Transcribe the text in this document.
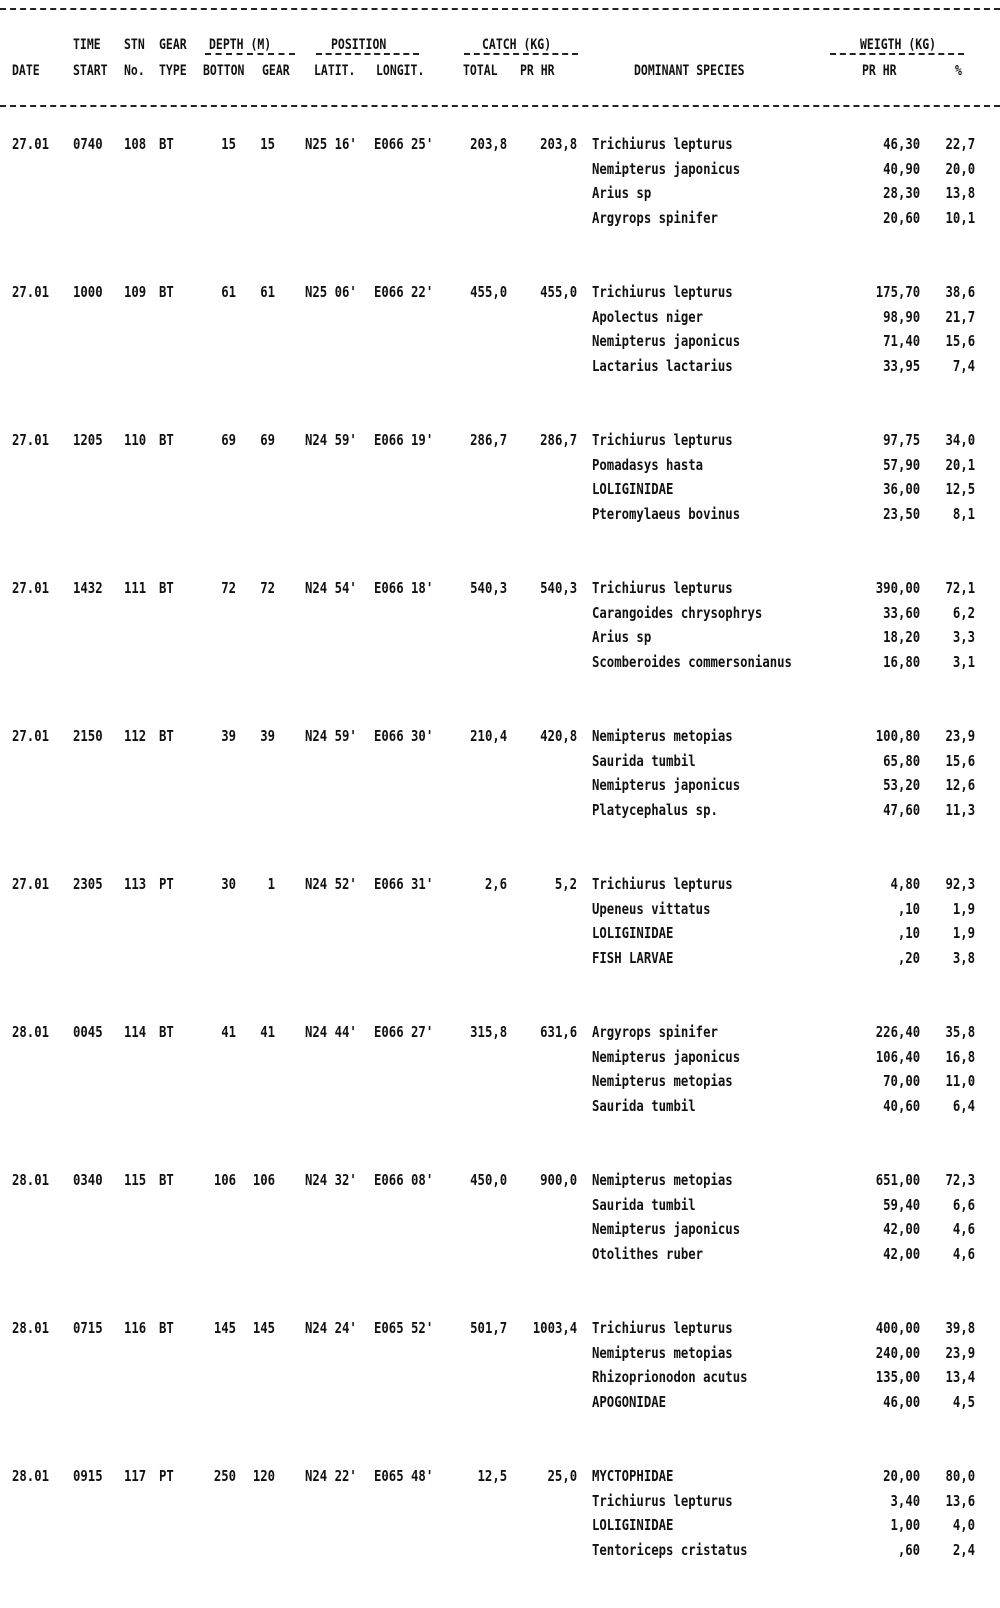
TIME STN GEAR DEPTH (M)	POSITION	CATCH (KG)	WEIGTH (KG)
DATE START No. TYPE BOTTON GEAR LATIT. LONGIT.	TOTAL PR HR	DOMINANT SPECIES	PR HR	%
27.01 0740 108 BT	15 15 N25 16' E066 25' 203,8 203,8 Trichiurus lepturus	46,30 22,7
Nemipterus japonicus	40,90 20,0
Arius sp	28,30 13,8
Argyrops spinifer	20,60 10,1
27.01 1000 109 BT	61 61 N25 06' E066 22' 455,0 455,0 Trichiurus lepturus	175,70 38,6
Apolectus niger	98,90 21,7
Nemipterus japonicus	71,40 15,6
Lactarius lactarius	33,95 7,4
27.01 1205 110 BT	69 69 N24 59' E066 19' 286,7 286,7 Trichiurus lepturus	97,75 34,0
Pomadasys hasta	57,90 20,1
LOLIGINIDAE	36,00 12,5
Pteromylaeus bovinus	23,50 8,1
27.01 1432 111 BT	72 72 N24 54' E066 18' 540,3 540,3 Trichiurus lepturus	390,00 72,1
Carangoides chrysophrys	33,60 6,2
Arius sp	18,20 3,3
Scomberoides commersonianus	16,80 3,1
27.01 2150 112 BT	39 39 N24 59' E066 30' 210,4 420,8 Nemipterus metopias	100,80 23,9
Saurida tumbil	65,80 15,6
Nemipterus japonicus	53,20 12,6
Platycephalus sp.	47,60 11,3
27.01 2305 113 PT	30 1 N24 52' E066 31'	2,6	5,2 Trichiurus lepturus	4,80 92,3
Upeneus vittatus	,10 1,9
LOLIGINIDAE	,10 1,9
FISH LARVAE	,20 3,8
28.01 0045 114 BT	41 41 N24 44' E066 27' 315,8 631,6 Argyrops spinifer	226,40 35,8
Nemipterus japonicus	106,40 16,8
Nemipterus metopias	70,00 11,0
Saurida tumbil	40,60 6,4
28.01 0340 115 BT	106 106 N24 32' E066 08' 450,0 900,0 Nemipterus metopias	651,00 72,3
Saurida tumbil	59,40 6,6
Nemipterus japonicus	42,00 4,6
Otolithes ruber	42,00 4,6
28.01 0715 116 BT	145 145 N24 24' E065 52' 501,7 1003,4 Trichiurus lepturus	400,00 39,8
Nemipterus metopias	240,00 23,9
Rhizoprionodon acutus	135,00 13,4
APOGONIDAE	46,00 4,5
28.01 0915 117 PT	250 120 N24 22' E065 48'	12,5	25,0 MYCTOPHIDAE	20,00 80,0
Trichiurus lepturus	3,40 13,6
LOLIGINIDAE	1,00 4,0
Tentoriceps cristatus	,60 2,4
